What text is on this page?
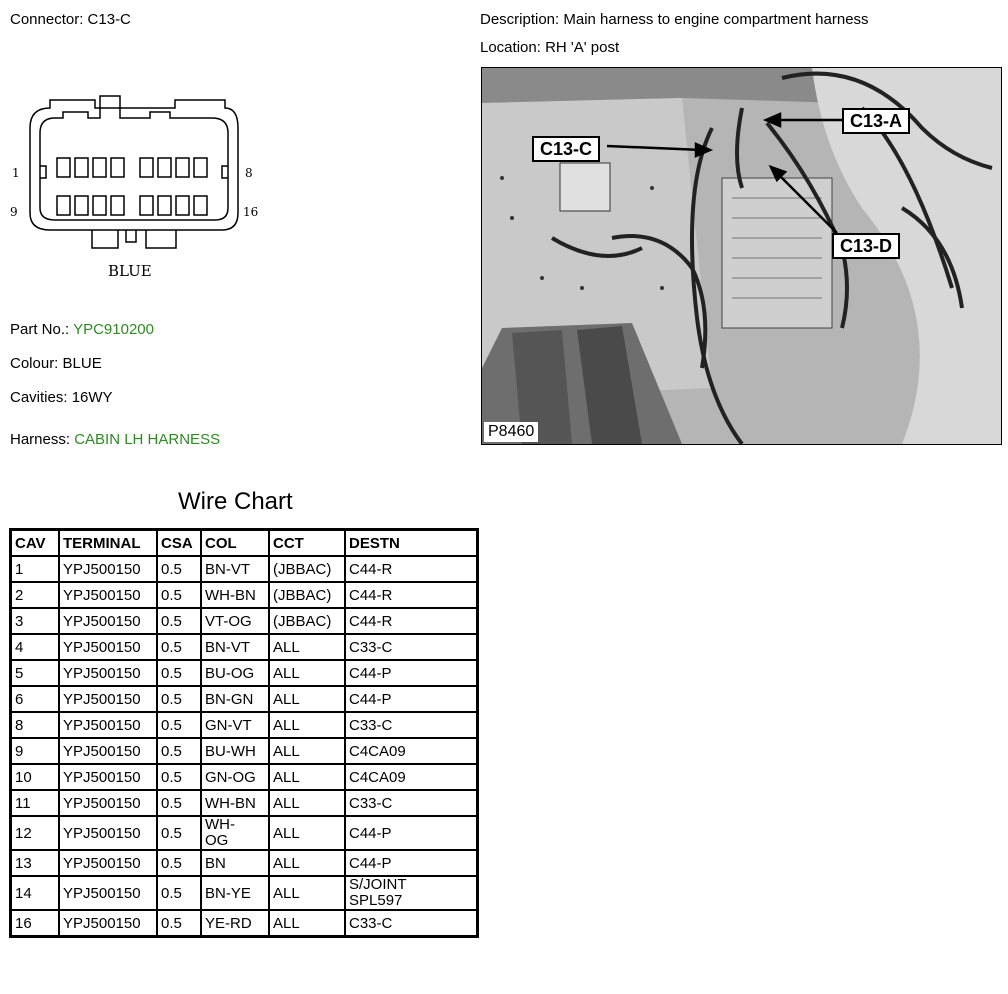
Connector: C13-C	Description: Main harness to engine compartment harness
Location: RH 'A' post
1	8
9	16
BLUE
Part No.: YPC910200
Colour: BLUE
Cavities: 16WY
Harness: CABIN LH HARNESS
C13-A
C13-C
C13-D
P8460
Wire Chart
CAV	TERMINAL	CSA	COL	CCT	DESTN
1	YPJ500150	0.5	BN-VT	(JBBAC)	C44-R
2	YPJ500150	0.5	WH-BN	(JBBAC)	C44-R
3	YPJ500150	0.5	VT-OG	(JBBAC)	C44-R
4	YPJ500150	0.5	BN-VT	ALL	C33-C
5	YPJ500150	0.5	BU-OG	ALL	C44-P
6	YPJ500150	0.5	BN-GN	ALL	C44-P
8	YPJ500150	0.5	GN-VT	ALL	C33-C
9	YPJ500150	0.5	BU-WH	ALL	C4CA09
10	YPJ500150	0.5	GN-OG	ALL	C4CA09
11	YPJ500150	0.5	WH-BN	ALL	C33-C
12	YPJ500150	0.5	WH-
OG	ALL	C44-P
13	YPJ500150	0.5	BN	ALL	C44-P
14	YPJ500150	0.5	BN-YE	ALL	S/JOINT
SPL597
16	YPJ500150	0.5	YE-RD	ALL	C33-C
